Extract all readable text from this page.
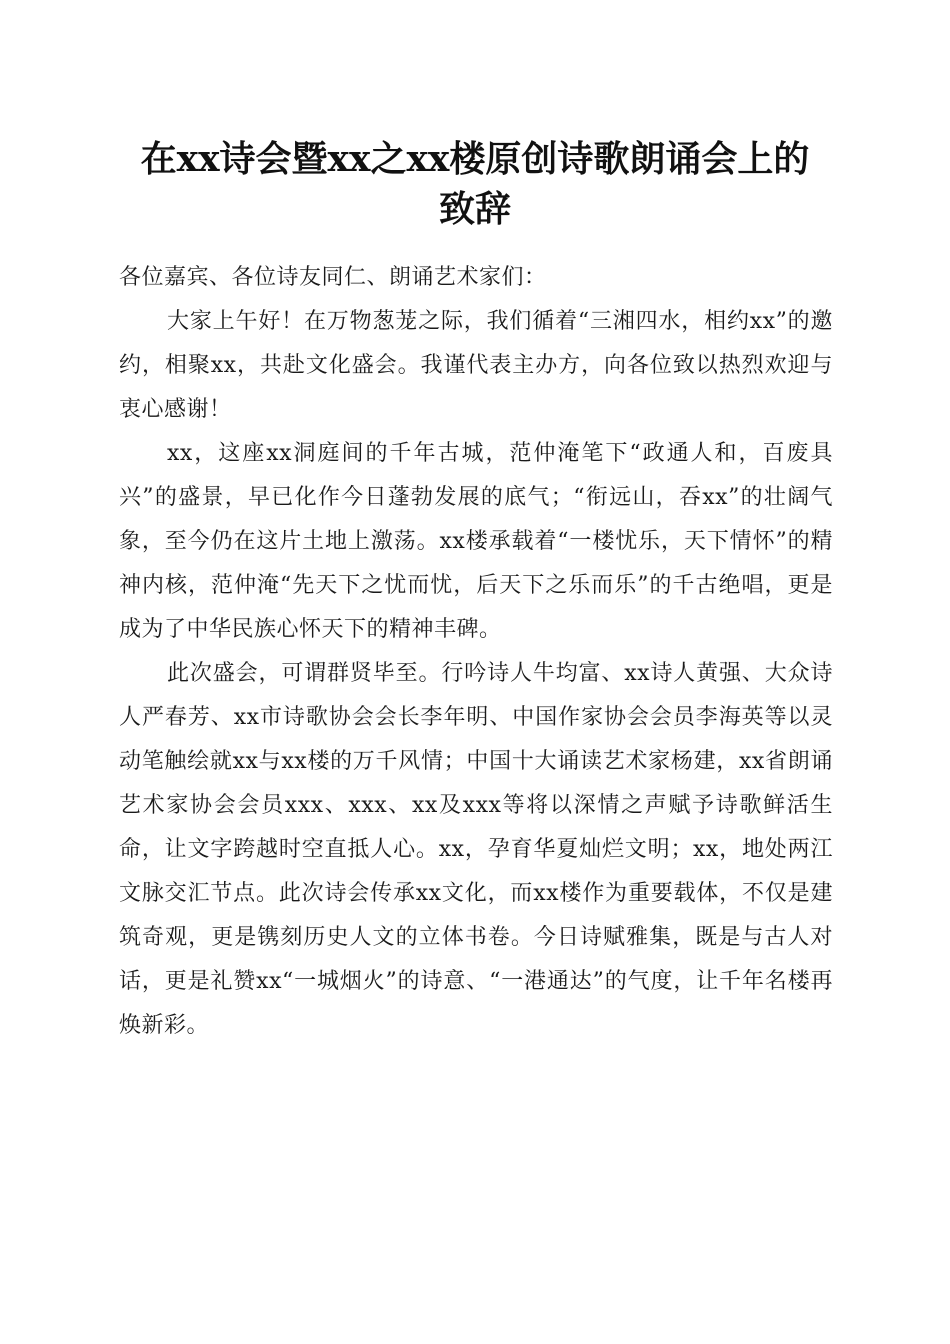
在xx诗会暨xx之xx楼原创诗歌朗诵会上的
致辞

各位嘉宾、各位诗友同仁、朗诵艺术家们：

大家上午好！在万物葱茏之际，我们循着“三湘四水，相约xx”的邀约，相聚xx，共赴文化盛会。我谨代表主办方，向各位致以热烈欢迎与衷心感谢！

xx，这座xx洞庭间的千年古城，范仲淹笔下“政通人和，百废具兴”的盛景，早已化作今日蓬勃发展的底气；“衔远山，吞xx”的壮阔气象，至今仍在这片土地上激荡。xx楼承载着“一楼忧乐，天下情怀”的精神内核，范仲淹“先天下之忧而忧，后天下之乐而乐”的千古绝唱，更是成为了中华民族心怀天下的精神丰碑。

此次盛会，可谓群贤毕至。行吟诗人牛均富、xx诗人黄强、大众诗人严春芳、xx市诗歌协会会长李年明、中国作家协会会员李海英等以灵动笔触绘就xx与xx楼的万千风情；中国十大诵读艺术家杨建，xx省朗诵艺术家协会会员xxx、xxx、xx及xxx等将以深情之声赋予诗歌鲜活生命，让文字跨越时空直抵人心。xx，孕育华夏灿烂文明；xx，地处两江文脉交汇节点。此次诗会传承xx文化，而xx楼作为重要载体，不仅是建筑奇观，更是镌刻历史人文的立体书卷。今日诗赋雅集，既是与古人对话，更是礼赞xx“一城烟火”的诗意、“一港通达”的气度，让千年名楼再焕新彩。
